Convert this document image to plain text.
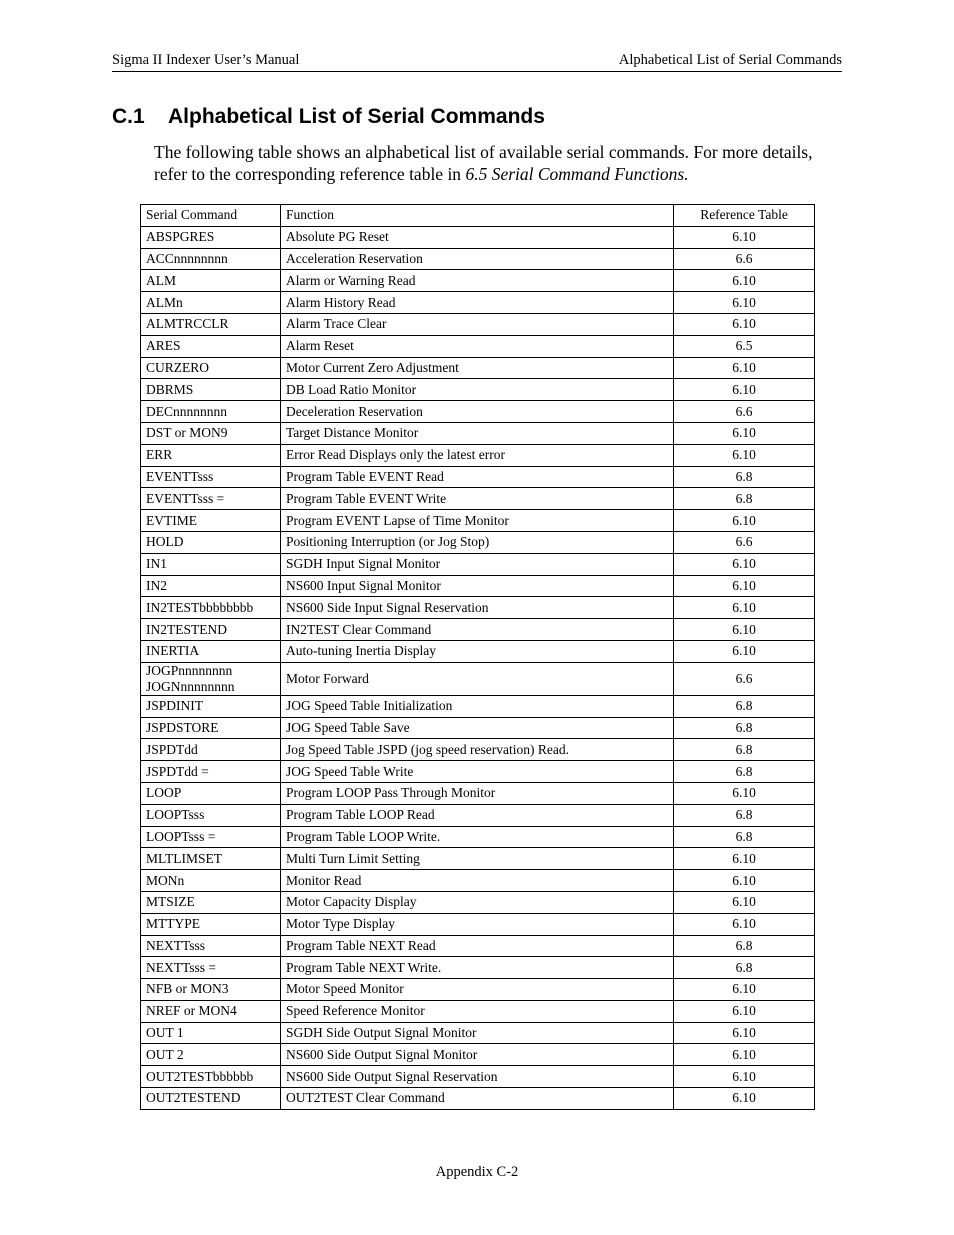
Sigma II Indexer User’s Manual	Alphabetical List of Serial Commands
C.1 Alphabetical List of Serial Commands

The following table shows an alphabetical list of available serial commands. For more details, refer to the corresponding reference table in 6.5 Serial Command Functions.

Serial Command	Function	Reference Table

ABSPGRES	Absolute PG Reset	6.10

ACCnnnnnnnn	Acceleration Reservation	6.6

ALM	Alarm or Warning Read	6.10

ALMn	Alarm History Read	6.10

ALMTRCCLR	Alarm Trace Clear	6.10

ARES	Alarm Reset	6.5

CURZERO	Motor Current Zero Adjustment	6.10

DBRMS	DB Load Ratio Monitor	6.10

DECnnnnnnnn	Deceleration Reservation	6.6

DST or MON9	Target Distance Monitor	6.10

ERR	Error Read Displays only the latest error	6.10

EVENTTsss	Program Table EVENT Read	6.8

EVENTTsss =	Program Table EVENT Write	6.8

EVTIME	Program EVENT Lapse of Time Monitor	6.10

HOLD	Positioning Interruption (or Jog Stop)	6.6

IN1	SGDH Input Signal Monitor	6.10

IN2	NS600 Input Signal Monitor	6.10

IN2TESTbbbbbbbb	NS600 Side Input Signal Reservation	6.10

IN2TESTEND	IN2TEST Clear Command	6.10

INERTIA	Auto-tuning Inertia Display	6.10

JOGPnnnnnnnn
JOGNnnnnnnnn	Motor Forward	6.6

JSPDINIT	JOG Speed Table Initialization	6.8

JSPDSTORE	JOG Speed Table Save	6.8

JSPDTdd	Jog Speed Table JSPD (jog speed reservation) Read.	6.8

JSPDTdd =	JOG Speed Table Write	6.8

LOOP	Program LOOP Pass Through Monitor	6.10

LOOPTsss	Program Table LOOP Read	6.8

LOOPTsss =	Program Table LOOP Write.	6.8

MLTLIMSET	Multi Turn Limit Setting	6.10

MONn	Monitor Read	6.10

MTSIZE	Motor Capacity Display	6.10

MTTYPE	Motor Type Display	6.10

NEXTTsss	Program Table NEXT Read	6.8

NEXTTsss =	Program Table NEXT Write.	6.8

NFB or MON3	Motor Speed Monitor	6.10

NREF or MON4	Speed Reference Monitor	6.10

OUT 1	SGDH Side Output Signal Monitor	6.10

OUT 2	NS600 Side Output Signal Monitor	6.10

OUT2TESTbbbbbb	NS600 Side Output Signal Reservation	6.10

OUT2TESTEND	OUT2TEST Clear Command	6.10
Appendix C-2
